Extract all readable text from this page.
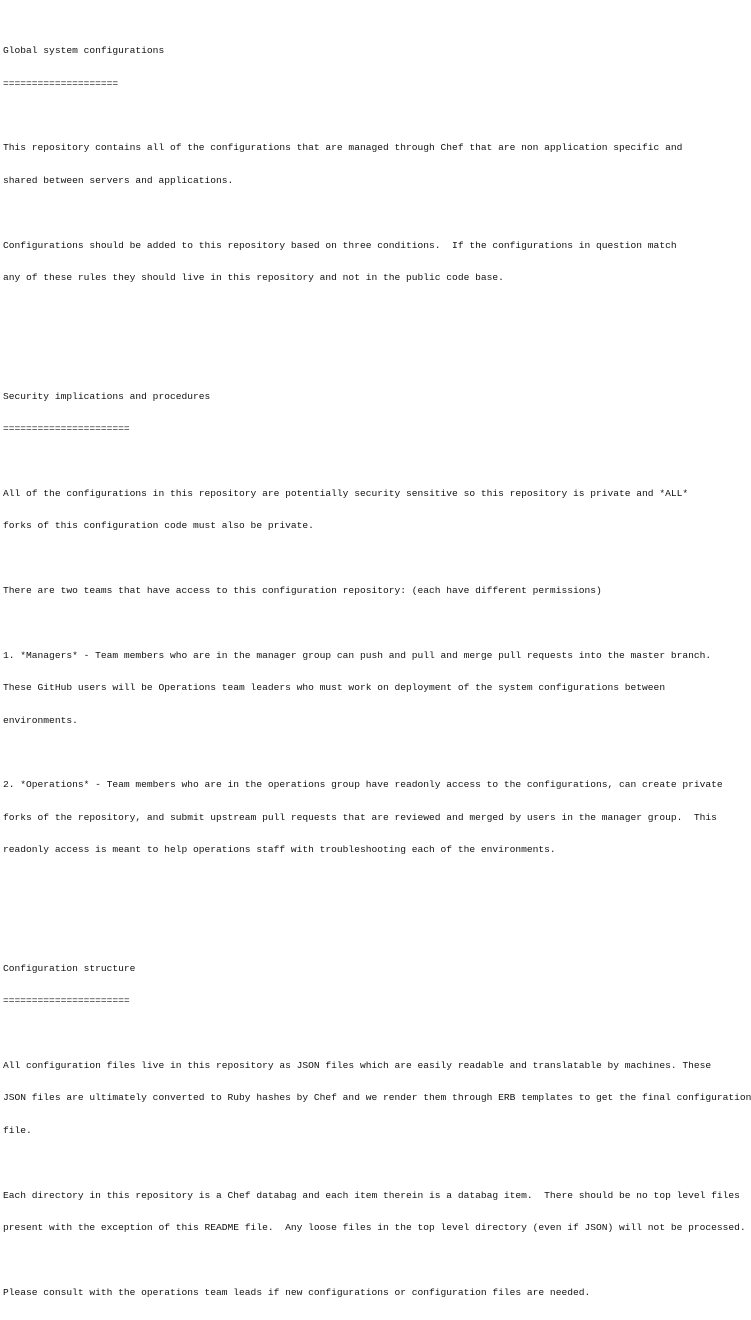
Global system configurations

====================

This repository contains all of the configurations that are managed through Chef that are non application specific and

shared between servers and applications.

Configurations should be added to this repository based on three conditions.  If the configurations in question match

any of these rules they should live in this repository and not in the public code base.

Security implications and procedures

======================

All of the configurations in this repository are potentially security sensitive so this repository is private and *ALL*

forks of this configuration code must also be private.

There are two teams that have access to this configuration repository: (each have different permissions)

1. *Managers* - Team members who are in the manager group can push and pull and merge pull requests into the master branch.

These GitHub users will be Operations team leaders who must work on deployment of the system configurations between

environments.

2. *Operations* - Team members who are in the operations group have readonly access to the configurations, can create private

forks of the repository, and submit upstream pull requests that are reviewed and merged by users in the manager group.  This

readonly access is meant to help operations staff with troubleshooting each of the environments.

Configuration structure

======================

All configuration files live in this repository as JSON files which are easily readable and translatable by machines. These

JSON files are ultimately converted to Ruby hashes by Chef and we render them through ERB templates to get the final configuration

file.

Each directory in this repository is a Chef databag and each item therein is a databag item.  There should be no top level files

present with the exception of this README file.  Any loose files in the top level directory (even if JSON) will not be processed.

Please consult with the operations team leads if new configurations or configuration files are needed.
